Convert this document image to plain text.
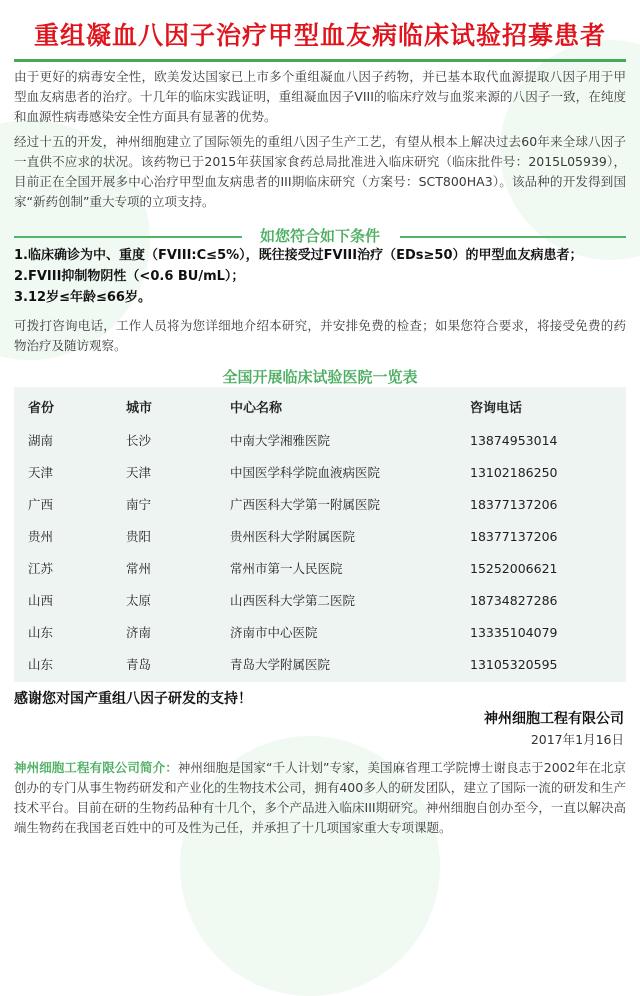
重组凝血八因子治疗甲型血友病临床试验招募患者
由于更好的病毒安全性，欧美发达国家已上市多个重组凝血八因子药物，并已基本取代血源提取八因子用于甲型血友病患者的治疗。十几年的临床实践证明，重组凝血因子VIII的临床疗效与血浆来源的八因子一致，在纯度和血源性病毒感染安全性方面具有显著的优势。
经过十五的开发，神州细胞建立了国际领先的重组八因子生产工艺，有望从根本上解决过去60年来全球八因子一直供不应求的状况。该药物已于2015年获国家食药总局批准进入临床研究（临床批件号：2015L05939），目前正在全国开展多中心治疗甲型血友病患者的III期临床研究（方案号：SCT800HA3）。该品种的开发得到国家“新药创制”重大专项的立项支持。
如您符合如下条件
1.临床确诊为中、重度（FVIII:C≤5%），既往接受过FVIII治疗（EDs≥50）的甲型血友病患者；
2.FVIII抑制物阴性（<0.6 BU/mL）；
3.12岁≤年龄≤66岁。
可拨打咨询电话，工作人员将为您详细地介绍本研究，并安排免费的检查；如果您符合要求，将接受免费的药物治疗及随访观察。
全国开展临床试验医院一览表
省份	城市	中心名称	咨询电话
湖南	长沙	中南大学湘雅医院	13874953014
天津	天津	中国医学科学院血液病医院	13102186250
广西	南宁	广西医科大学第一附属医院	18377137206
贵州	贵阳	贵州医科大学附属医院	18377137206
江苏	常州	常州市第一人民医院	15252006621
山西	太原	山西医科大学第二医院	18734827286
山东	济南	济南市中心医院	13335104079
山东	青岛	青岛大学附属医院	13105320595
感谢您对国产重组八因子研发的支持！
神州细胞工程有限公司
2017年1月16日
神州细胞工程有限公司简介：神州细胞是国家“千人计划”专家，美国麻省理工学院博士谢良志于2002年在北京创办的专门从事生物药研发和产业化的生物技术公司，拥有400多人的研发团队，建立了国际一流的研发和生产技术平台。目前在研的生物药品种有十几个，多个产品进入临床III期研究。神州细胞自创办至今，一直以解决高端生物药在我国老百姓中的可及性为己任，并承担了十几项国家重大专项课题。
